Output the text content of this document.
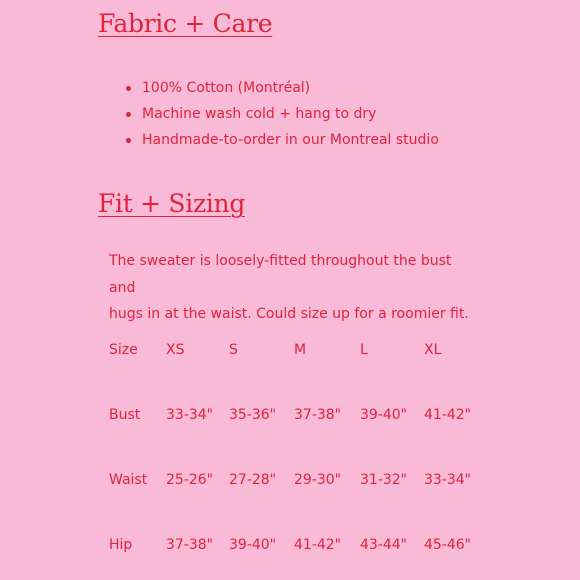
Fabric + Care
100% Cotton (Montréal)
Machine wash cold + hang to dry
Handmade-to-order in our Montreal studio
Fit + Sizing

The sweater is loosely-fitted throughout the bust and
hugs in at the waist. Could size up for a roomier fit.

Size XS	S	M	L	XL
Bust 33-34" 35-36" 37-38" 39-40" 41-42"
Waist 25-26" 27-28" 29-30" 31-32" 33-34"
Hip 37-38" 39-40" 41-42" 43-44" 45-46"
